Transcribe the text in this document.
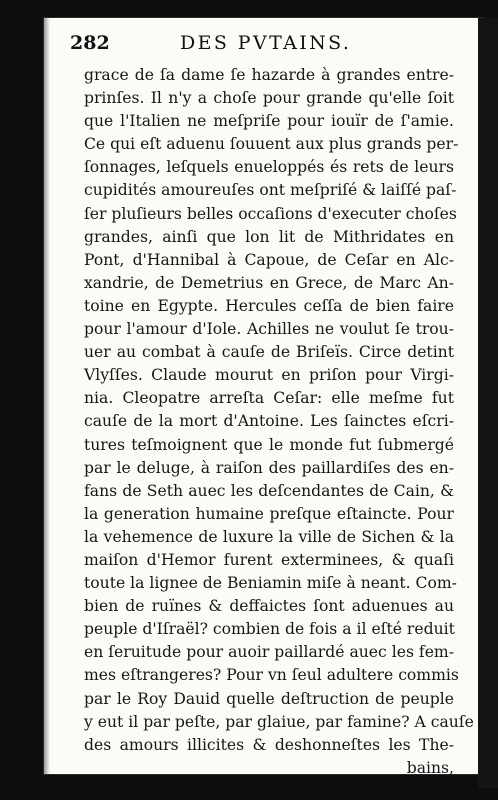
282	DES PVTAINS.
grace de ſa dame ſe hazarde à grandes entre-
prinſes. Il n'y a choſe pour grande qu'elle ſoit
que l'Italien ne meſpriſe pour iouïr de ſ'amie.
Ce qui eſt aduenu ſouuent aux plus grands per-
ſonnages, leſquels enueloppés és rets de leurs
cupidités amoureuſes ont meſpriſé & laiſſé paſ-
ſer pluſieurs belles occaſions d'executer choſes
grandes, ainſi que lon lit de Mithridates en
Pont, d'Hannibal à Capoue, de Ceſar en Alc-
xandrie, de Demetrius en Grece, de Marc An-
toine en Egypte. Hercules ceſſa de bien faire
pour l'amour d'Iole. Achilles ne voulut ſe trou-
uer au combat à cauſe de Briſeïs. Circe detint
Vlyſſes. Claude mourut en priſon pour Virgi-
nia. Cleopatre arreſta Ceſar: elle meſme fut
cauſe de la mort d'Antoine. Les ſainctes eſcri-
tures teſmoignent que le monde fut ſubmergé
par le deluge, à raiſon des paillardiſes des en-
fans de Seth auec les deſcendantes de Cain, &
la generation humaine preſque eſtaincte. Pour
la vehemence de luxure la ville de Sichen & la
maiſon d'Hemor furent exterminees, & quaſi
toute la lignee de Beniamin miſe à neant. Com-
bien de ruïnes & deffaictes ſont aduenues au
peuple d'Iſraël? combien de fois a il eſté reduit
en ſeruitude pour auoir paillardé auec les fem-
mes eſtrangeres? Pour vn ſeul adultere commis
par le Roy Dauid quelle deſtruction de peuple
y eut il par peſte, par glaiue, par famine? A cauſe
des amours illicites & deshonneſtes les The-
bains,
